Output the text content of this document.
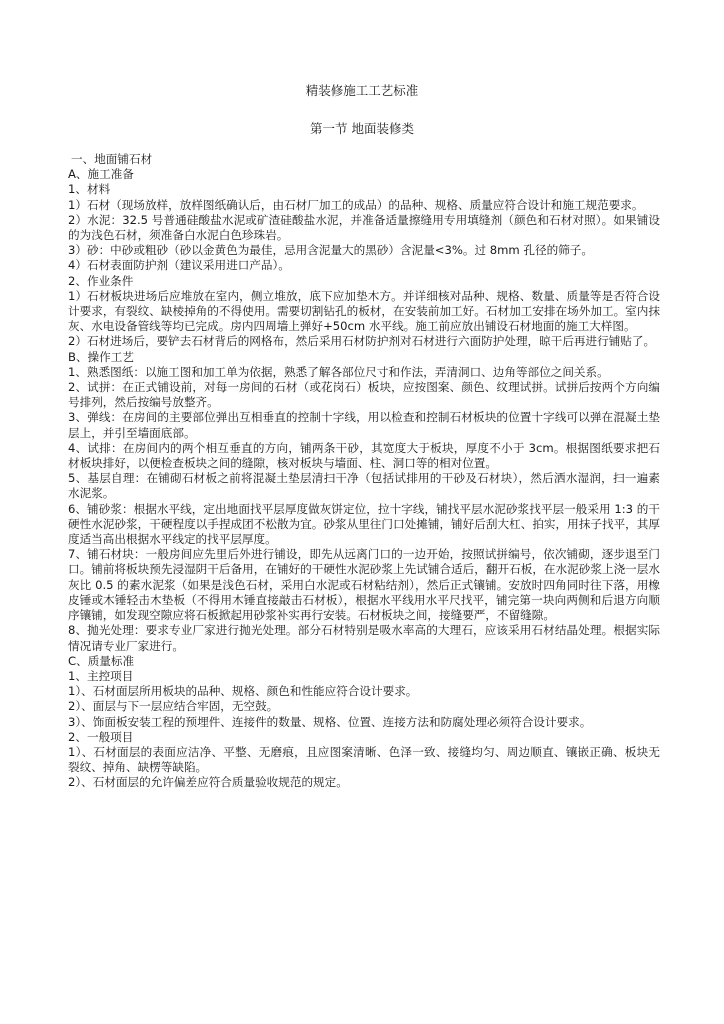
精装修施工工艺标准
第一节 地面装修类

一、地面铺石材

A、施工准备

1、材料

1）石材（现场放样，放样图纸确认后，由石材厂加工的成品）的品种、规格、质量应符合设计和施工规范要求。

2）水泥：32.5 号普通硅酸盐水泥或矿渣硅酸盐水泥，并准备适量擦缝用专用填缝剂（颜色和石材对照）。如果铺设的为浅色石材，须准备白水泥白色珍珠岩。

3）砂：中砂或粗砂（砂以金黄色为最佳，忌用含泥量大的黑砂）含泥量<3%。过 8mm 孔径的筛子。

4）石材表面防护剂（建议采用进口产品）。

2、作业条件

1）石材板块进场后应堆放在室内，侧立堆放，底下应加垫木方。并详细核对品种、规格、数量、质量等是否符合设计要求，有裂纹、缺棱掉角的不得使用。需要切割钻孔的板材，在安装前加工好。石材加工安排在场外加工。室内抹灰、水电设备管线等均已完成。房内四周墙上弹好+50cm 水平线。施工前应放出铺设石材地面的施工大样图。

2）石材进场后，要铲去石材背后的网格布，然后采用石材防护剂对石材进行六面防护处理，晾干后再进行铺贴了。

B、操作工艺

1、熟悉图纸：以施工图和加工单为依据，熟悉了解各部位尺寸和作法，弄清洞口、边角等部位之间关系。

2、试拼：在正式铺设前，对每一房间的石材（或花岗石）板块，应按图案、颜色、纹理试拼。试拼后按两个方向编号排列，然后按编号放整齐。

3、弹线：在房间的主要部位弹出互相垂直的控制十字线，用以检查和控制石材板块的位置十字线可以弹在混凝土垫层上，并引至墙面底部。

4、试排：在房间内的两个相互垂直的方向，铺两条干砂，其宽度大于板块，厚度不小于 3cm。根据图纸要求把石材板块排好，以便检查板块之间的缝隙，核对板块与墙面、柱、洞口等的相对位置。

5、基层自理：在铺砌石材板之前将混凝土垫层清扫干净（包括试排用的干砂及石材块），然后洒水湿润，扫一遍素水泥浆。

6、铺砂浆：根据水平线，定出地面找平层厚度做灰饼定位，拉十字线，铺找平层水泥砂浆找平层一般采用 1:3 的干硬性水泥砂浆，干硬程度以手捏成团不松散为宜。砂浆从里往门口处摊铺，铺好后刮大杠、拍实，用抹子找平，其厚度适当高出根据水平线定的找平层厚度。

7、铺石材块：一般房间应先里后外进行铺设，即先从远离门口的一边开始，按照试拼编号，依次铺砌，逐步退至门口。铺前将板块预先浸湿阴干后备用，在铺好的干硬性水泥砂浆上先试铺合适后，翻开石板，在水泥砂浆上浇一层水灰比 0.5 的素水泥浆（如果是浅色石材，采用白水泥或石材粘结剂），然后正式镶铺。安放时四角同时往下落，用橡皮锤或木锤轻击木垫板（不得用木锤直接敲击石材板），根据水平线用水平尺找平，铺完第一块向两侧和后退方向顺序镶铺，如发现空隙应将石板掀起用砂浆补实再行安装。石材板块之间，接缝要严，不留缝隙。

8、抛光处理：要求专业厂家进行抛光处理。部分石材特别是吸水率高的大理石，应该采用石材结晶处理。根据实际情况请专业厂家进行。

C、质量标准

1、主控项目

1）、石材面层所用板块的品种、规格、颜色和性能应符合设计要求。

2）、面层与下一层应结合牢固，无空鼓。

3）、饰面板安装工程的预埋件、连接件的数量、规格、位置、连接方法和防腐处理必须符合设计要求。

2、一般项目

1）、石材面层的表面应洁净、平整、无磨痕，且应图案清晰、色泽一致、接缝均匀、周边顺直、镶嵌正确、板块无裂纹、掉角、缺楞等缺陷。

2）、石材面层的允许偏差应符合质量验收规范的规定。
